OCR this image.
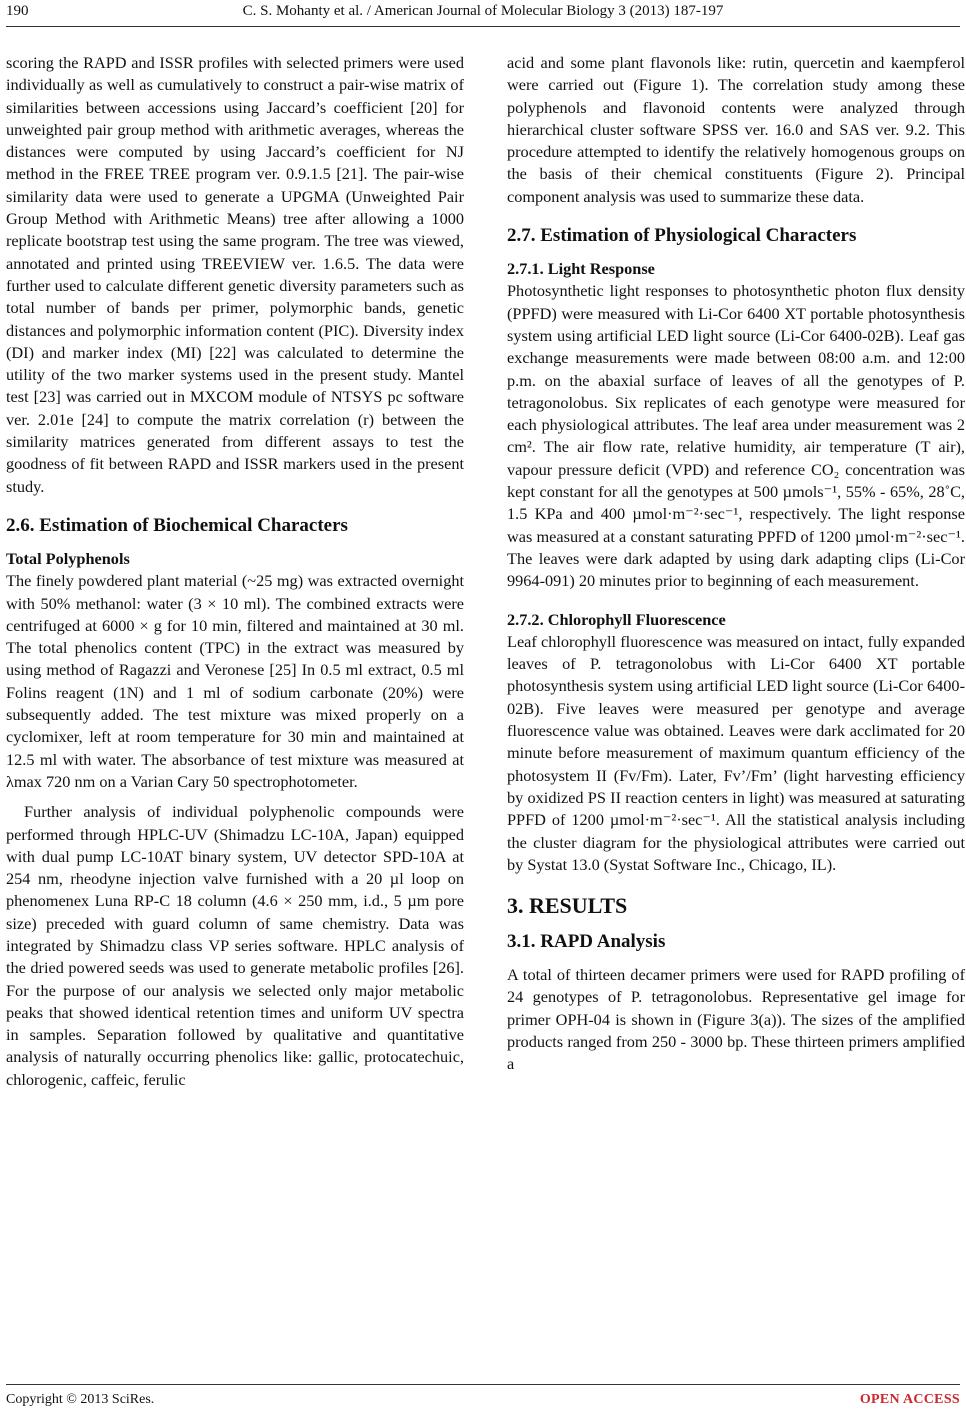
190	C. S. Mohanty et al. / American Journal of Molecular Biology 3 (2013) 187-197

scoring the RAPD and ISSR profiles with selected primers were used individually as well as cumulatively to construct a pair-wise matrix of similarities between accessions using Jaccard’s coefficient [20] for unweighted pair group method with arithmetic averages, whereas the distances were computed by using Jaccard’s coefficient for NJ method in the FREE TREE program ver. 0.9.1.5 [21]. The pair-wise similarity data were used to generate a UPGMA (Unweighted Pair Group Method with Arithmetic Means) tree after allowing a 1000 replicate bootstrap test using the same program. The tree was viewed, annotated and printed using TREEVIEW ver. 1.6.5. The data were further used to calculate different genetic diversity parameters such as total number of bands per primer, polymorphic bands, genetic distances and polymorphic information content (PIC). Diversity index (DI) and marker index (MI) [22] was calculated to determine the utility of the two marker systems used in the present study. Mantel test [23] was carried out in MXCOM module of NTSYS pc software ver. 2.01e [24] to compute the matrix correlation (r) between the similarity matrices generated from different assays to test the goodness of fit between RAPD and ISSR markers used in the present study.

2.6. Estimation of Biochemical Characters
Total Polyphenols

The finely powdered plant material (~25 mg) was extracted overnight with 50% methanol: water (3 × 10 ml). The combined extracts were centrifuged at 6000 × g for 10 min, filtered and maintained at 30 ml. The total phenolics content (TPC) in the extract was measured by using method of Ragazzi and Veronese [25] In 0.5 ml extract, 0.5 ml Folins reagent (1N) and 1 ml of sodium carbonate (20%) were subsequently added. The test mixture was mixed properly on a cyclomixer, left at room temperature for 30 min and maintained at 12.5 ml with water. The absorbance of test mixture was measured at λmax 720 nm on a Varian Cary 50 spectrophotometer.

Further analysis of individual polyphenolic compounds were performed through HPLC-UV (Shimadzu LC-10A, Japan) equipped with dual pump LC-10AT binary system, UV detector SPD-10A at 254 nm, rheodyne injection valve furnished with a 20 µl loop on phenomenex Luna RP-C 18 column (4.6 × 250 mm, i.d., 5 µm pore size) preceded with guard column of same chemistry. Data was integrated by Shimadzu class VP series software. HPLC analysis of the dried powered seeds was used to generate metabolic profiles [26]. For the purpose of our analysis we selected only major metabolic peaks that showed identical retention times and uniform UV spectra in samples. Separation followed by qualitative and quantitative analysis of naturally occurring phenolics like: gallic, protocatechuic, chlorogenic, caffeic, ferulic

acid and some plant flavonols like: rutin, quercetin and kaempferol were carried out (Figure 1). The correlation study among these polyphenols and flavonoid contents were analyzed through hierarchical cluster software SPSS ver. 16.0 and SAS ver. 9.2. This procedure attempted to identify the relatively homogenous groups on the basis of their chemical constituents (Figure 2). Principal component analysis was used to summarize these data.

2.7. Estimation of Physiological Characters
2.7.1. Light Response

Photosynthetic light responses to photosynthetic photon flux density (PPFD) were measured with Li-Cor 6400 XT portable photosynthesis system using artificial LED light source (Li-Cor 6400-02B). Leaf gas exchange measurements were made between 08:00 a.m. and 12:00 p.m. on the abaxial surface of leaves of all the genotypes of P. tetragonolobus. Six replicates of each genotype were measured for each physiological attributes. The leaf area under measurement was 2 cm². The air flow rate, relative humidity, air temperature (T air), vapour pressure deficit (VPD) and reference CO₂ concentration was kept constant for all the genotypes at 500 µmols⁻¹, 55% - 65%, 28˚C, 1.5 KPa and 400 µmol·m⁻²·sec⁻¹, respectively. The light response was measured at a constant saturating PPFD of 1200 µmol·m⁻²·sec⁻¹. The leaves were dark adapted by using dark adapting clips (Li-Cor 9964-091) 20 minutes prior to beginning of each measurement.

2.7.2. Chlorophyll Fluorescence

Leaf chlorophyll fluorescence was measured on intact, fully expanded leaves of P. tetragonolobus with Li-Cor 6400 XT portable photosynthesis system using artificial LED light source (Li-Cor 6400-02B). Five leaves were measured per genotype and average fluorescence value was obtained. Leaves were dark acclimated for 20 minute before measurement of maximum quantum efficiency of the photosystem II (Fv/Fm). Later, Fv’/Fm’ (light harvesting efficiency by oxidized PS II reaction centers in light) was measured at saturating PPFD of 1200 µmol·m⁻²·sec⁻¹. All the statistical analysis including the cluster diagram for the physiological attributes were carried out by Systat 13.0 (Systat Software Inc., Chicago, IL).

3. RESULTS
3.1. RAPD Analysis

A total of thirteen decamer primers were used for RAPD profiling of 24 genotypes of P. tetragonolobus. Representative gel image for primer OPH-04 is shown in (Figure 3(a)). The sizes of the amplified products ranged from 250 - 3000 bp. These thirteen primers amplified a

Copyright © 2013 SciRes.	OPEN ACCESS
